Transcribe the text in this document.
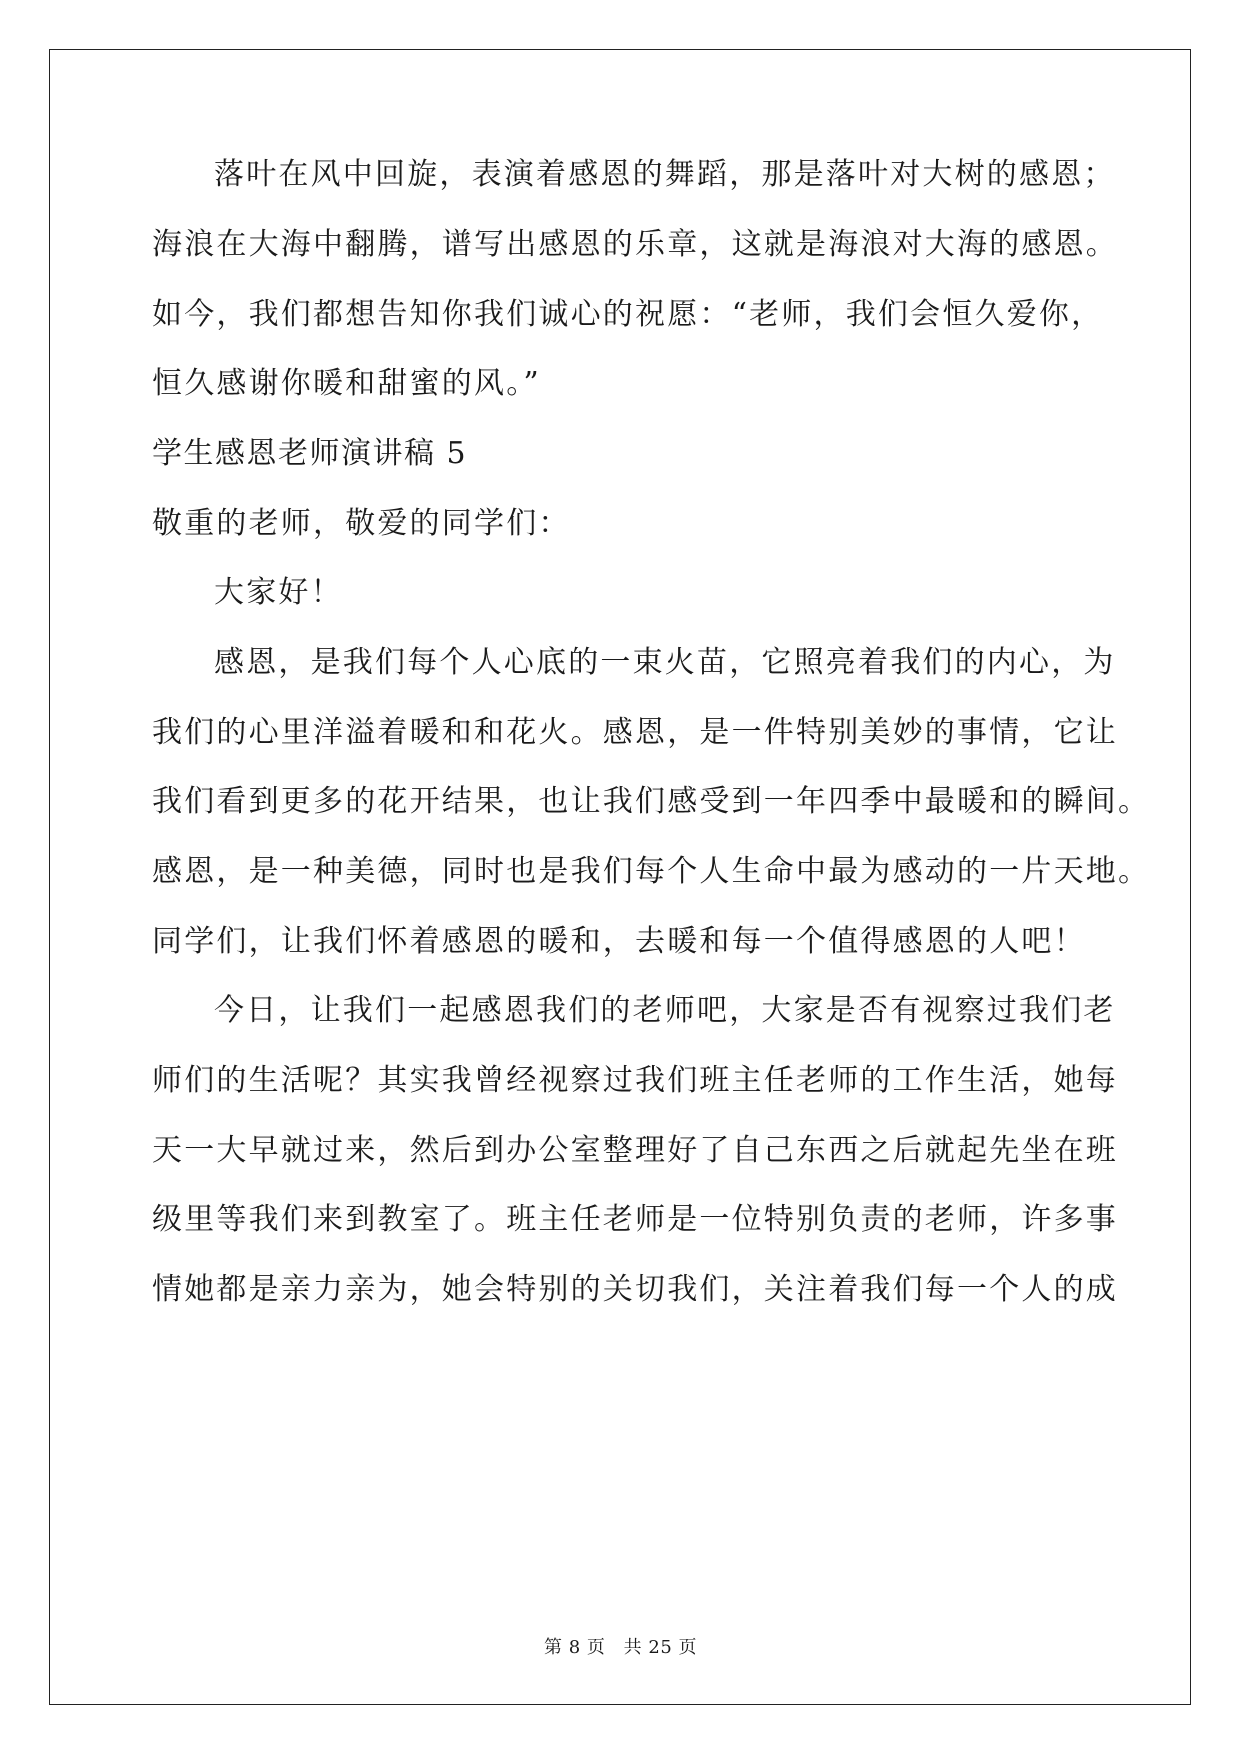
落叶在风中回旋，表演着感恩的舞蹈，那是落叶对大树的感恩；
海浪在大海中翻腾，谱写出感恩的乐章，这就是海浪对大海的感恩。
如今，我们都想告知你我们诚心的祝愿：“老师，我们会恒久爱你，
恒久感谢你暖和甜蜜的风。”
学生感恩老师演讲稿 5
敬重的老师，敬爱的同学们：
大家好！
感恩，是我们每个人心底的一束火苗，它照亮着我们的内心，为
我们的心里洋溢着暖和和花火。感恩，是一件特别美妙的事情，它让
我们看到更多的花开结果，也让我们感受到一年四季中最暖和的瞬间。
感恩，是一种美德，同时也是我们每个人生命中最为感动的一片天地。
同学们，让我们怀着感恩的暖和，去暖和每一个值得感恩的人吧！
今日，让我们一起感恩我们的老师吧，大家是否有视察过我们老
师们的生活呢？其实我曾经视察过我们班主任老师的工作生活，她每
天一大早就过来，然后到办公室整理好了自己东西之后就起先坐在班
级里等我们来到教室了。班主任老师是一位特别负责的老师，许多事
情她都是亲力亲为，她会特别的关切我们，关注着我们每一个人的成
第 8 页 共 25 页
